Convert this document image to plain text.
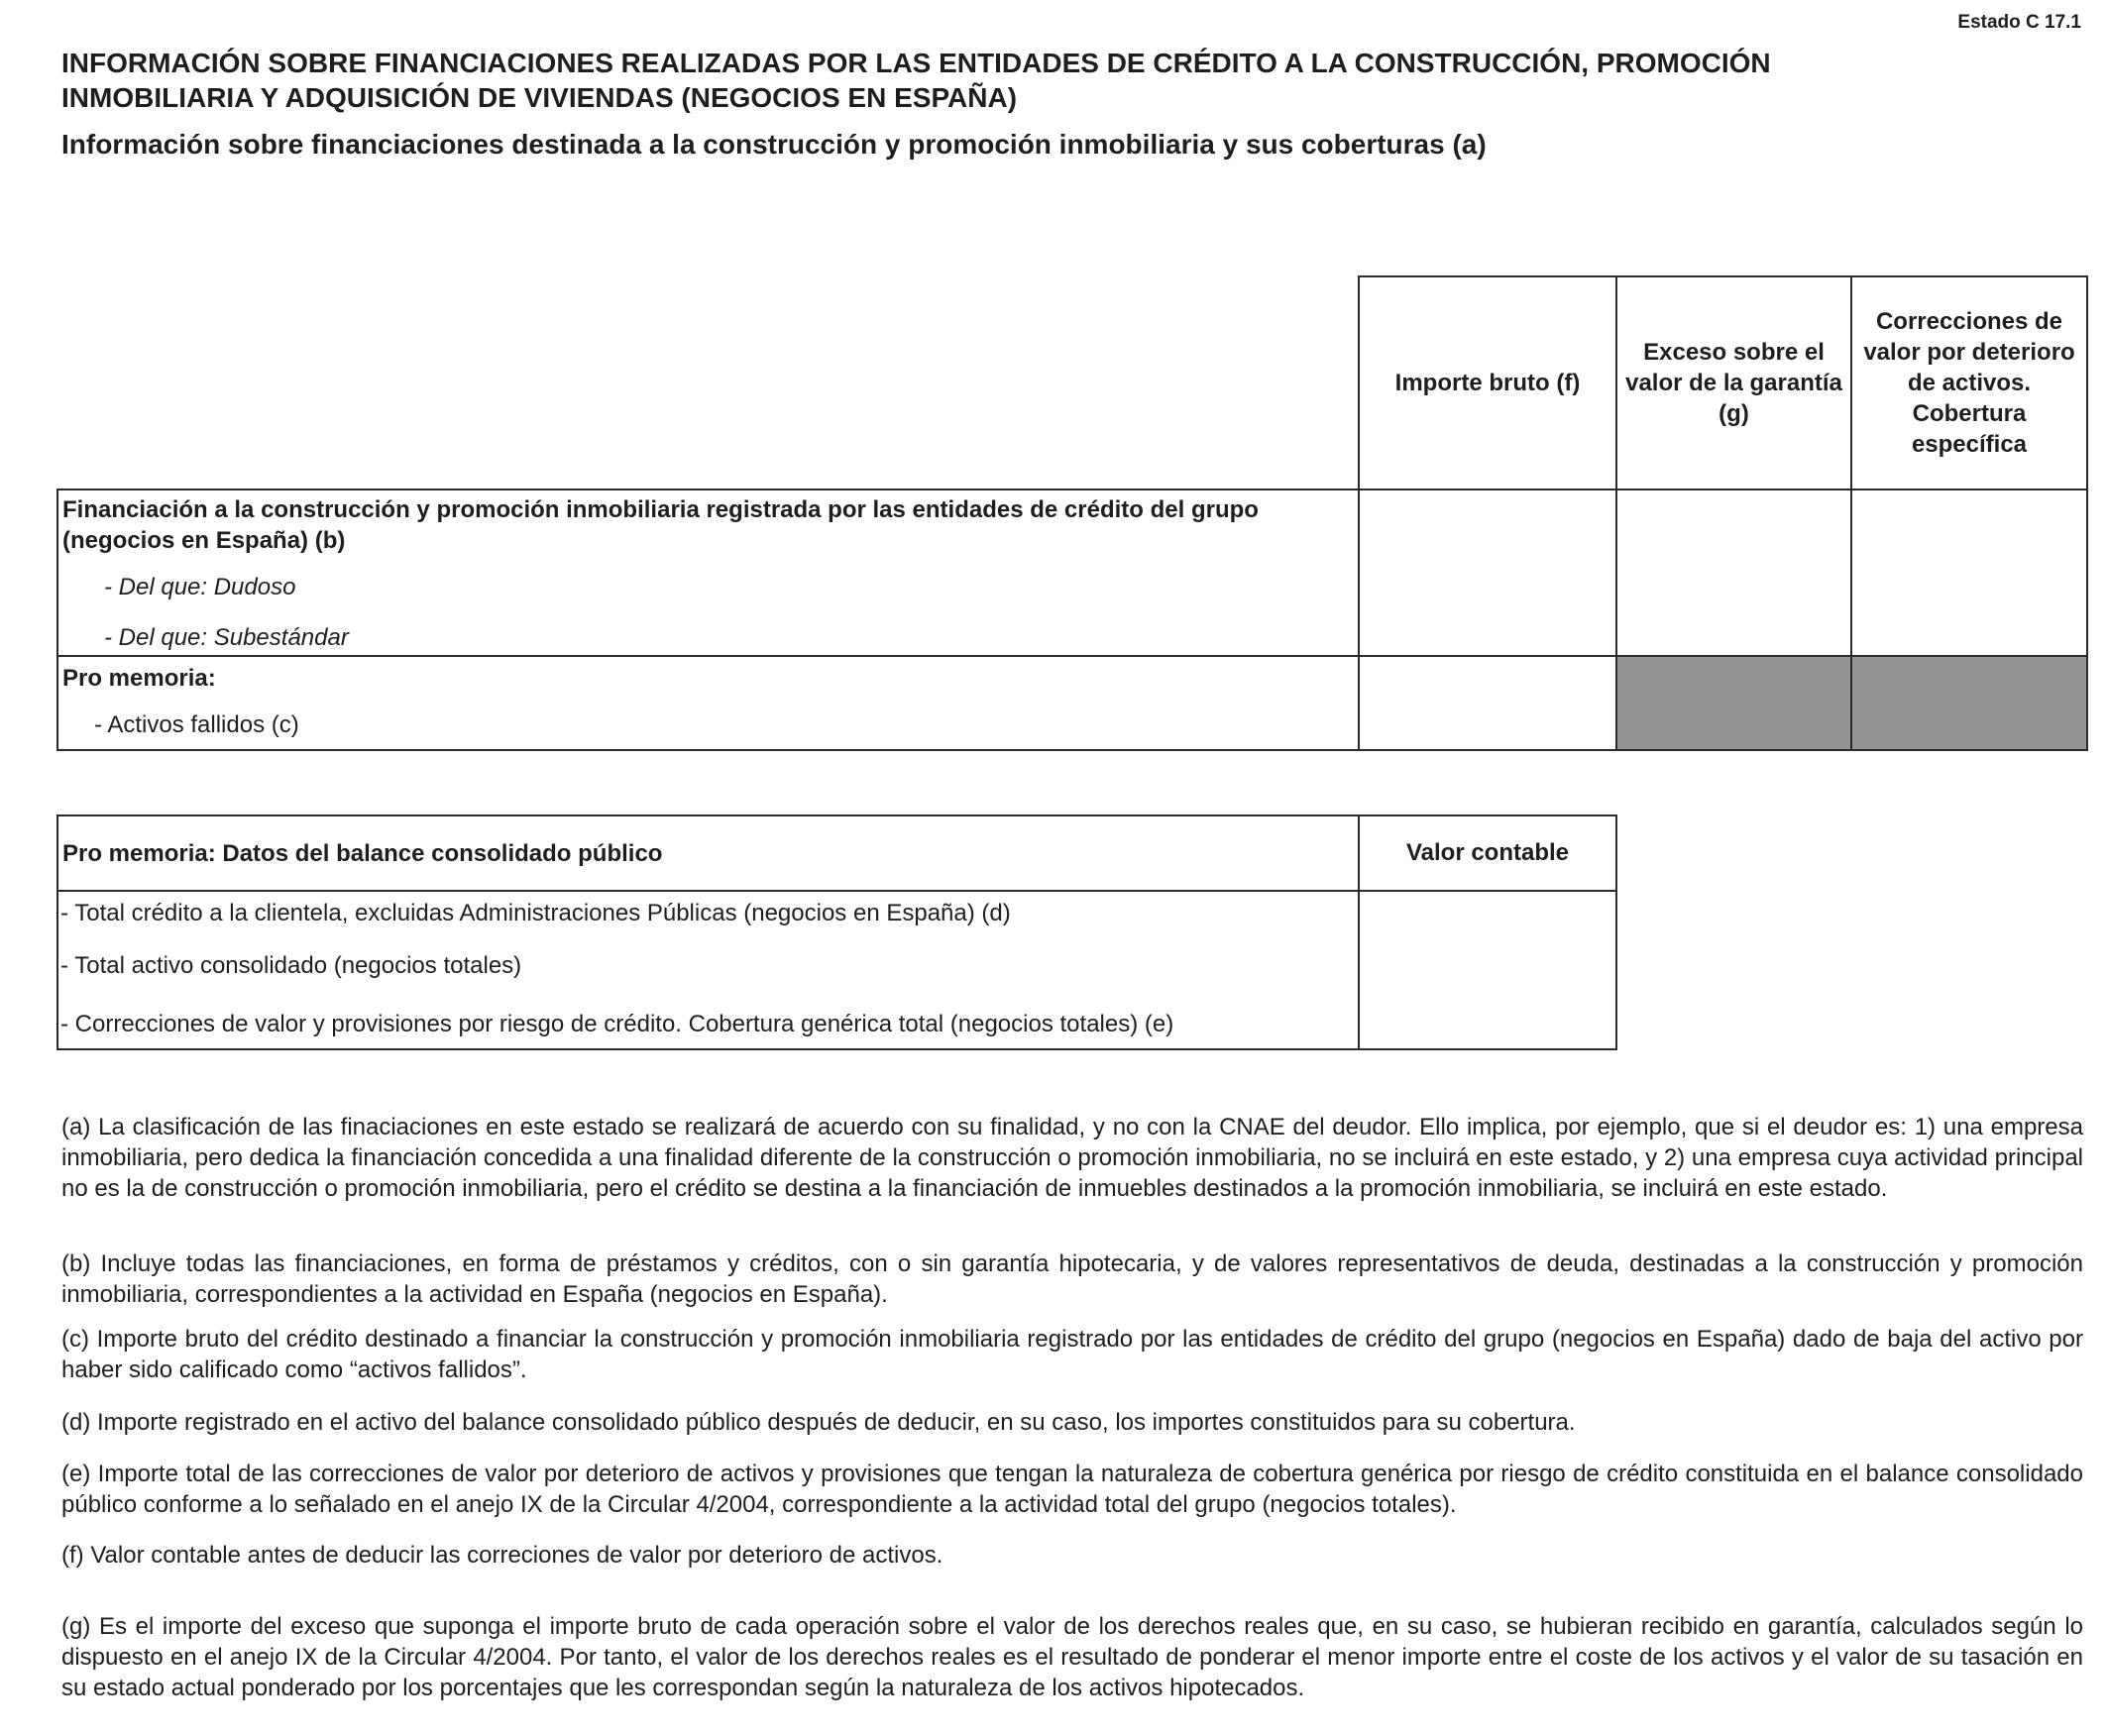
Estado C 17.1
INFORMACIÓN SOBRE FINANCIACIONES REALIZADAS POR LAS ENTIDADES DE CRÉDITO A LA CONSTRUCCIÓN, PROMOCIÓN INMOBILIARIA Y ADQUISICIÓN DE VIVIENDAS (NEGOCIOS EN ESPAÑA)
Información sobre financiaciones destinada a la construcción y promoción inmobiliaria y sus coberturas (a)
	Importe bruto (f)	Exceso sobre el valor de la garantía (g)	Correcciones de valor por deterioro de activos. Cobertura específica

Financiación a la construcción y promoción inmobiliaria registrada por las entidades de crédito del grupo (negocios en España) (b)
- Del que: Dudoso
- Del que: Subestándar			

Pro memoria:
- Activos fallidos (c)			

Pro memoria: Datos del balance consolidado público	Valor contable

- Total crédito a la clientela, excluidas Administraciones Públicas (negocios en España) (d)
- Total activo consolidado (negocios totales)
- Correcciones de valor y provisiones por riesgo de crédito. Cobertura genérica total (negocios totales) (e)	

(a) La clasificación de las finaciaciones en este estado se realizará de acuerdo con su finalidad, y no con la CNAE del deudor. Ello implica, por ejemplo, que si el deudor es: 1) una empresa inmobiliaria, pero dedica la financiación concedida a una finalidad diferente de la construcción o promoción inmobiliaria, no se incluirá en este estado, y 2) una empresa cuya actividad principal no es la de construcción o promoción inmobiliaria, pero el crédito se destina a la financiación de inmuebles destinados a la promoción inmobiliaria, se incluirá en este estado.
(b) Incluye todas las financiaciones, en forma de préstamos y créditos, con o sin garantía hipotecaria, y de valores representativos de deuda, destinadas a la construcción y promoción inmobiliaria, correspondientes a la actividad en España (negocios en España).
(c) Importe bruto del crédito destinado a financiar la construcción y promoción inmobiliaria registrado por las entidades de crédito del grupo (negocios en España) dado de baja del activo por haber sido calificado como “activos fallidos”.
(d) Importe registrado en el activo del balance consolidado público después de deducir, en su caso, los importes constituidos para su cobertura.
(e) Importe total de las correcciones de valor por deterioro de activos y provisiones que tengan la naturaleza de cobertura genérica por riesgo de crédito constituida en el balance consolidado público conforme a lo señalado en el anejo IX de la Circular 4/2004, correspondiente a la actividad total del grupo (negocios totales).
(f) Valor contable antes de deducir las correciones de valor por deterioro de activos.
(g) Es el importe del exceso que suponga el importe bruto de cada operación sobre el valor de los derechos reales que, en su caso, se hubieran recibido en garantía, calculados según lo dispuesto en el anejo IX de la Circular 4/2004. Por tanto, el valor de los derechos reales es el resultado de ponderar el menor importe entre el coste de los activos y el valor de su tasación en su estado actual ponderado por los porcentajes que les correspondan según la naturaleza de los activos hipotecados.
